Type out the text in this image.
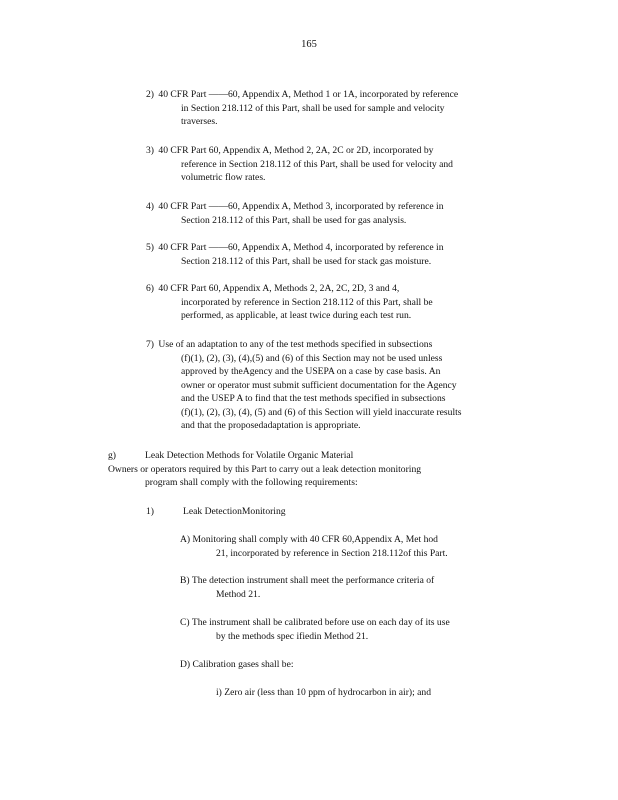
165
2) 40 CFR Part ——60, Appendix A, Method 1 or 1A, incorporated by reference
in Section 218.112 of this Part, shall be used for sample and velocity
traverses.
3) 40 CFR Part 60, Appendix A, Method 2, 2A, 2C or 2D, incorporated by
reference in Section 218.112 of this Part, shall be used for velocity and
volumetric flow rates.
4) 40 CFR Part ——60, Appendix A, Method 3, incorporated by reference in
Section 218.112 of this Part, shall be used for gas analysis.
5) 40 CFR Part ——60, Appendix A, Method 4, incorporated by reference in
Section 218.112 of this Part, shall be used for stack gas moisture.
6) 40 CFR Part 60, Appendix A, Methods 2, 2A, 2C, 2D, 3 and 4,
incorporated by reference in Section 218.112 of this Part, shall be
performed, as applicable, at least twice during each test run.
7) Use of an adaptation to any of the test methods specified in subsections
(f)(1), (2), (3), (4),(5) and (6) of this Section may not be used unless
approved by theAgency and the USEPA on a case by case basis. An
owner or operator must submit sufficient documentation for the Agency
and the USEP A to find that the test methods specified in subsections
(f)(1), (2), (3), (4), (5) and (6) of this Section will yield inaccurate results
and that the proposedadaptation is appropriate.
g)	Leak Detection Methods for Volatile Organic Material
Owners or operators required by this Part to carry out a leak detection monitoring
program shall comply with the following requirements:
1)	Leak DetectionMonitoring
A) Monitoring shall comply with 40 CFR 60,Appendix A, Met hod
21, incorporated by reference in Section 218.112of this Part.
B) The detection instrument shall meet the performance criteria of
Method 21.
C) The instrument shall be calibrated before use on each day of its use
by the methods spec ifiedin Method 21.
D) Calibration gases shall be:
i) Zero air (less than 10 ppm of hydrocarbon in air); and
